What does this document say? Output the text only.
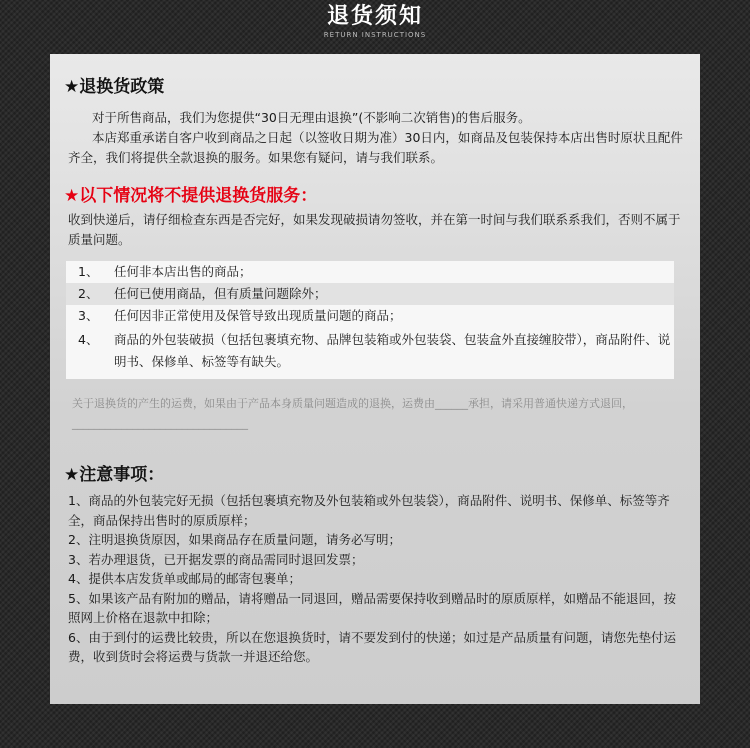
退货须知
RETURN INSTRUCTIONS
★退换货政策

对于所售商品，我们为您提供“30日无理由退换”(不影响二次销售)的售后服务。

本店郑重承诺自客户收到商品之日起（以签收日期为准）30日内，如商品及包装保持本店出售时原状且配件齐全，我们将提供全款退换的服务。如果您有疑问，请与我们联系。

★以下情况将不提供退换货服务：
收到快递后，请仔细检查东西是否完好，如果发现破损请勿签收，并在第一时间与我们联系系我们，否则不属于质量问题。
1、	任何非本店出售的商品；
2、	任何已使用商品，但有质量问题除外；
3、	任何因非正常使用及保管导致出现质量问题的商品；
4、	商品的外包装破损（包括包裹填充物、品牌包装箱或外包装袋、包装盒外直接缠胶带），商品附件、说明书、保修单、标签等有缺失。
关于退换货的产生的运费，如果由于产品本身质量问题造成的退换，运费由______承担，请采用普通快递方式退回，________________________________
★注意事项：

1、商品的外包装完好无损（包括包裹填充物及外包装箱或外包装袋），商品附件、说明书、保修单、标签等齐全，商品保持出售时的原质原样；

2、注明退换货原因，如果商品存在质量问题，请务必写明；

3、若办理退货，已开据发票的商品需同时退回发票；

4、提供本店发货单或邮局的邮寄包裹单；

5、如果该产品有附加的赠品，请将赠品一同退回，赠品需要保持收到赠品时的原质原样，如赠品不能退回，按照网上价格在退款中扣除；

6、由于到付的运费比较贵，所以在您退换货时，请不要发到付的快递；如过是产品质量有问题，请您先垫付运费，收到货时会将运费与货款一并退还给您。
